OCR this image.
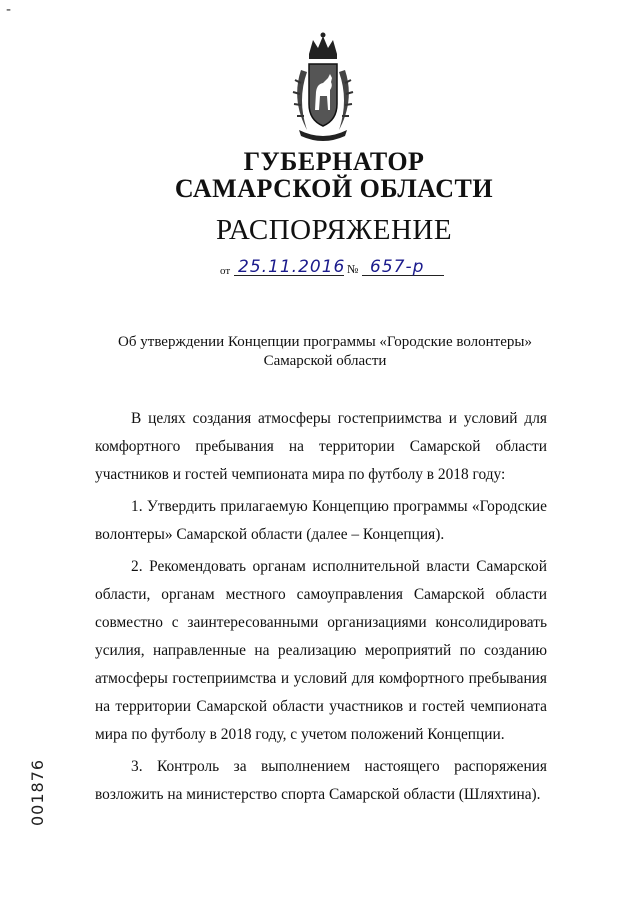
-
ГУБЕРНАТОР
САМАРСКОЙ ОБЛАСТИ
РАСПОРЯЖЕНИЕ
от 25.11.2016 № 657-р
Об утверждении Концепции программы «Городские волонтеры»
Самарской области

В целях создания атмосферы гостеприимства и условий для комфортного пребывания на территории Самарской области участников и гостей чемпионата мира по футболу в 2018 году:

1. Утвердить прилагаемую Концепцию программы «Городские волонтеры» Самарской области (далее – Концепция).

2. Рекомендовать органам исполнительной власти Самарской области, органам местного самоуправления Самарской области совместно с заинтересованными организациями консолидировать усилия, направленные на реализацию мероприятий по созданию атмосферы гостеприимства и условий для комфортного пребывания на территории Самарской области участников и гостей чемпионата мира по футболу в 2018 году, с учетом положений Концепции.

3. Контроль за выполнением настоящего распоряжения возложить на министерство спорта Самарской области (Шляхтина).

001876
